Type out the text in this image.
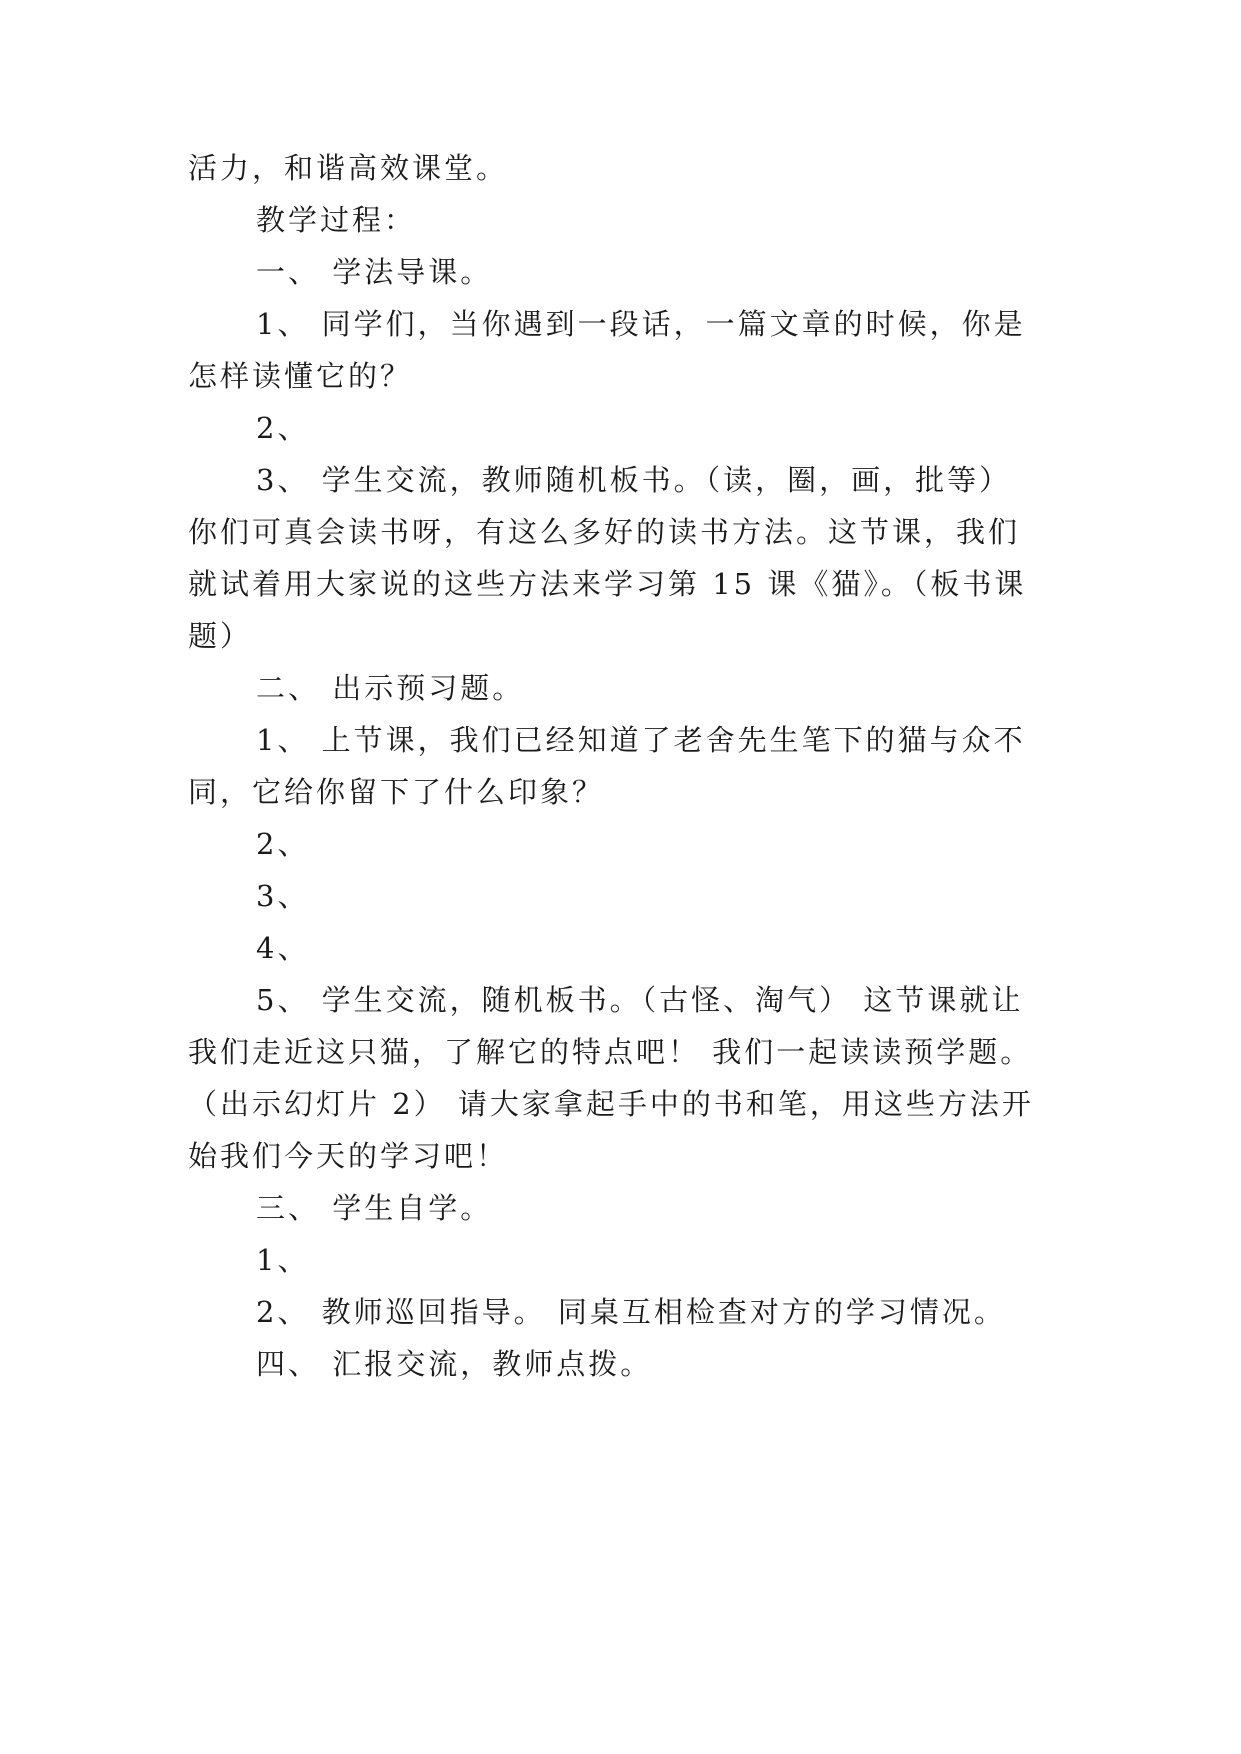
活力，和谐高效课堂。
教学过程：
一、 学法导课。
1、 同学们，当你遇到一段话，一篇文章的时候，你是
怎样读懂它的？
2、
3、 学生交流，教师随机板书。（读，圈，画，批等）
你们可真会读书呀，有这么多好的读书方法。这节课，我们
就试着用大家说的这些方法来学习第 15 课《猫》。（板书课
题）
二、 出示预习题。
1、 上节课，我们已经知道了老舍先生笔下的猫与众不
同，它给你留下了什么印象？
2、
3、
4、
5、 学生交流，随机板书。（古怪、淘气） 这节课就让
我们走近这只猫，了解它的特点吧！ 我们一起读读预学题。
（出示幻灯片 2） 请大家拿起手中的书和笔，用这些方法开
始我们今天的学习吧！
三、 学生自学。
1、
2、 教师巡回指导。 同桌互相检查对方的学习情况。
四、 汇报交流，教师点拨。
